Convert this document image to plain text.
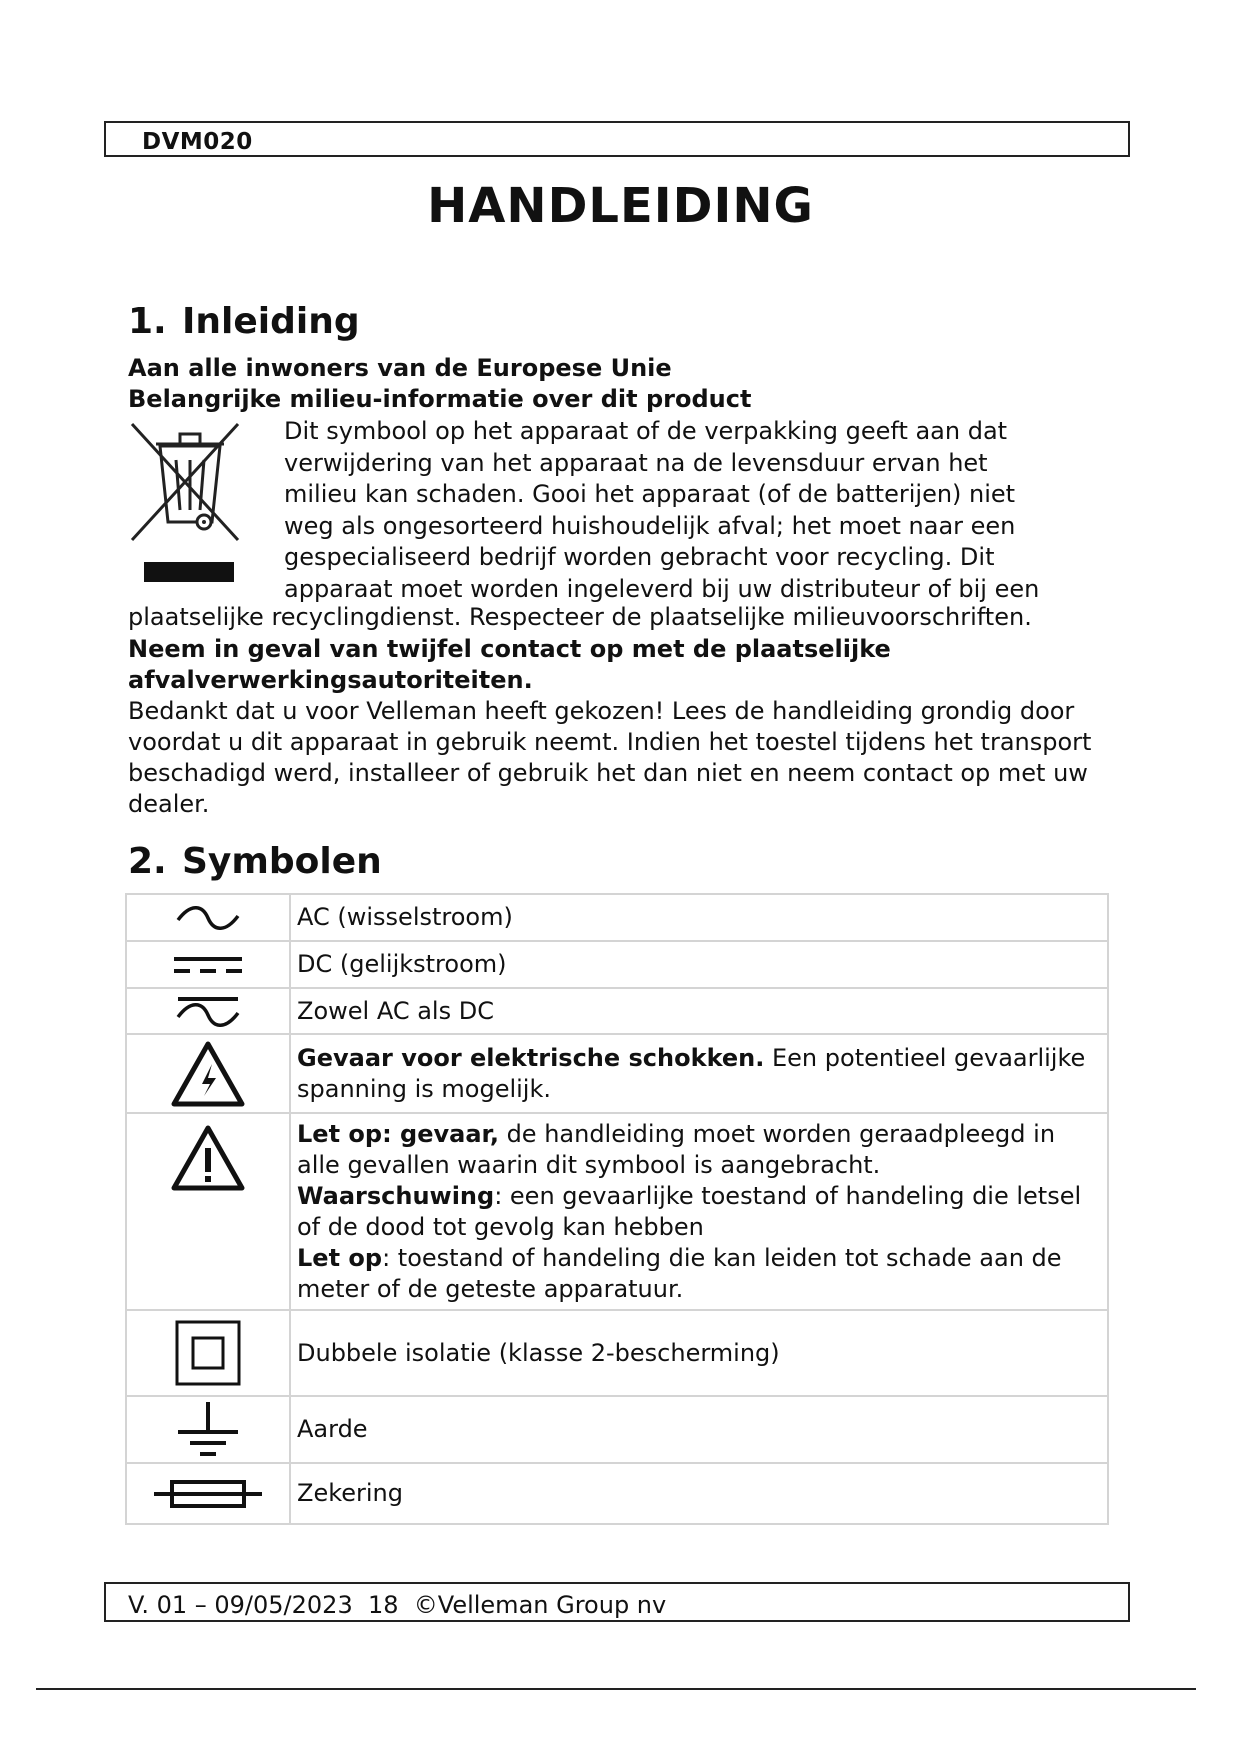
DVM020
HANDLEIDING
1. Inleiding
Aan alle inwoners van de Europese Unie
Belangrijke milieu-informatie over dit product
Dit symbool op het apparaat of de verpakking geeft aan dat
verwijdering van het apparaat na de levensduur ervan het
milieu kan schaden. Gooi het apparaat (of de batterijen) niet
weg als ongesorteerd huishoudelijk afval; het moet naar een
gespecialiseerd bedrijf worden gebracht voor recycling. Dit
apparaat moet worden ingeleverd bij uw distributeur of bij een
plaatselijke recyclingdienst. Respecteer de plaatselijke milieuvoorschriften.
Neem in geval van twijfel contact op met de plaatselijke afvalverwerkingsautoriteiten.
Bedankt dat u voor Velleman heeft gekozen! Lees de handleiding grondig door voordat u dit apparaat in gebruik neemt. Indien het toestel tijdens het transport beschadigd werd, installeer of gebruik het dan niet en neem contact op met uw dealer.
2. Symbolen
	AC (wisselstroom)

	DC (gelijkstroom)

	Zowel AC als DC

	Gevaar voor elektrische schokken. Een potentieel gevaarlijke spanning is mogelijk.

Let op: gevaar, de handleiding moet worden geraadpleegd in alle gevallen waarin dit symbool is aangebracht.
Waarschuwing: een gevaarlijke toestand of handeling die letsel of de dood tot gevolg kan hebben
Let op: toestand of handeling die kan leiden tot schade aan de meter of de geteste apparatuur.

	Dubbele isolatie (klasse 2-bescherming)

	Aarde

	Zekering
V. 01 – 09/05/2023  18  ©Velleman Group nv
